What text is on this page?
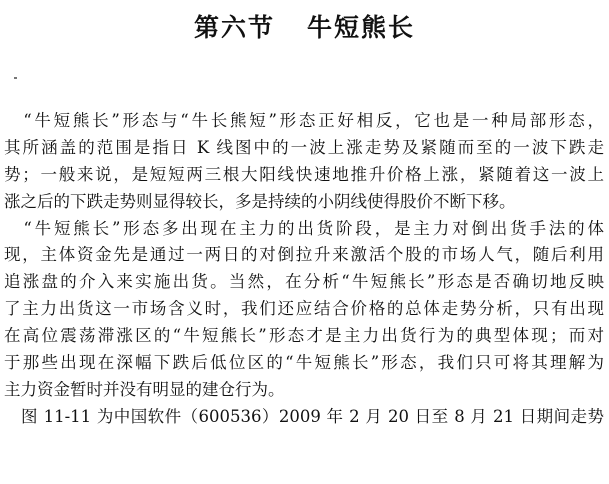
第六节   牛短熊长
　“牛短熊长”形态与“牛长熊短”形态正好相反，它也是一种局部形态，
其所涵盖的范围是指日 K 线图中的一波上涨走势及紧随而至的一波下跌走
势；一般来说，是短短两三根大阳线快速地推升价格上涨，紧随着这一波上
涨之后的下跌走势则显得较长，多是持续的小阴线使得股价不断下移。
　“牛短熊长”形态多出现在主力的出货阶段，是主力对倒出货手法的体
现，主体资金先是通过一两日的对倒拉升来激活个股的市场人气，随后利用
追涨盘的介入来实施出货。当然，在分析“牛短熊长”形态是否确切地反映
了主力出货这一市场含义时，我们还应结合价格的总体走势分析，只有出现
在高位震荡滞涨区的“牛短熊长”形态才是主力出货行为的典型体现；而对
于那些出现在深幅下跌后低位区的“牛短熊长”形态，我们只可将其理解为
主力资金暂时并没有明显的建仓行为。
　图 11-11 为中国软件（600536）2009 年 2 月 20 日至 8 月 21 日期间走势
